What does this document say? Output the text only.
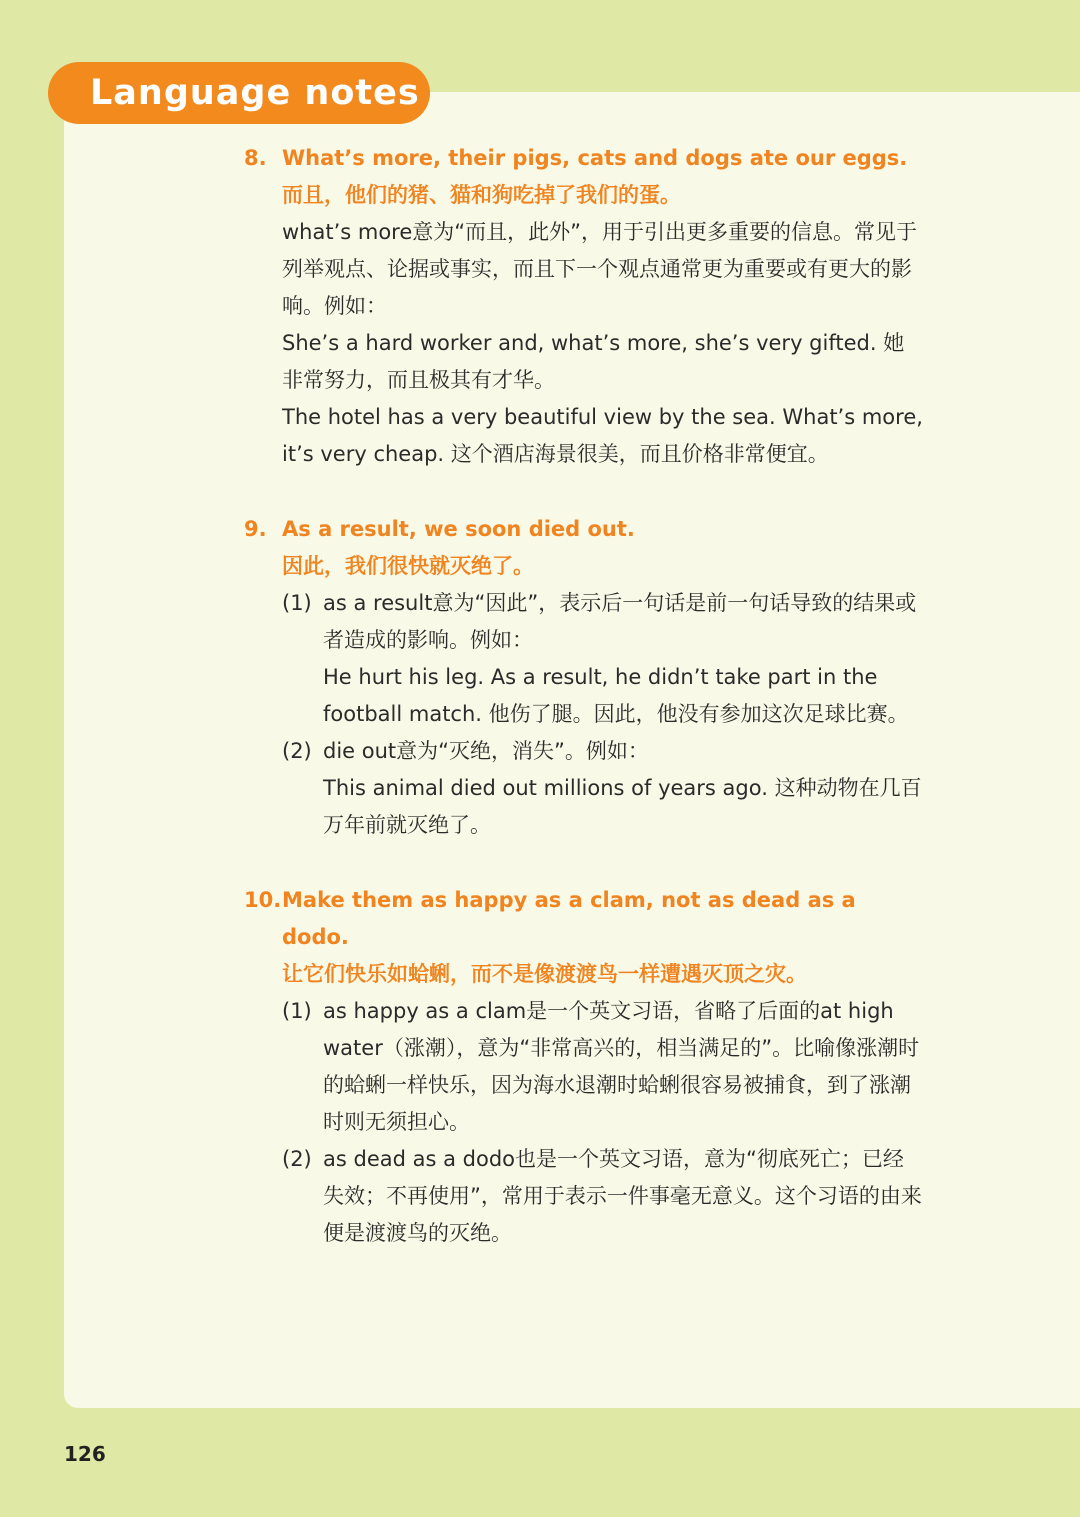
Language notes
8. What’s more, their pigs, cats and dogs ate our eggs.

而且，他们的猪、猫和狗吃掉了我们的蛋。

what’s more意为“而且，此外”，用于引出更多重要的信息。常见于列举观点、论据或事实，而且下一个观点通常更为重要或有更大的影响。例如：

She’s a hard worker and, what’s more, she’s very gifted. 她非常努力，而且极其有才华。

The hotel has a very beautiful view by the sea. What’s more, it’s very cheap. 这个酒店海景很美，而且价格非常便宜。

9. As a result, we soon died out.

因此，我们很快就灭绝了。

(1) as a result意为“因此”，表示后一句话是前一句话导致的结果或者造成的影响。例如：

He hurt his leg. As a result, he didn’t take part in the football match. 他伤了腿。因此，他没有参加这次足球比赛。

(2) die out意为“灭绝，消失”。例如：

This animal died out millions of years ago. 这种动物在几百万年前就灭绝了。

10. Make them as happy as a clam, not as dead as a dodo.

让它们快乐如蛤蜊，而不是像渡渡鸟一样遭遇灭顶之灾。

(1) as happy as a clam是一个英文习语，省略了后面的at high water（涨潮），意为“非常高兴的，相当满足的”。比喻像涨潮时的蛤蜊一样快乐，因为海水退潮时蛤蜊很容易被捕食，到了涨潮时则无须担心。

(2) as dead as a dodo也是一个英文习语，意为“彻底死亡；已经失效；不再使用”，常用于表示一件事毫无意义。这个习语的由来便是渡渡鸟的灭绝。

126
